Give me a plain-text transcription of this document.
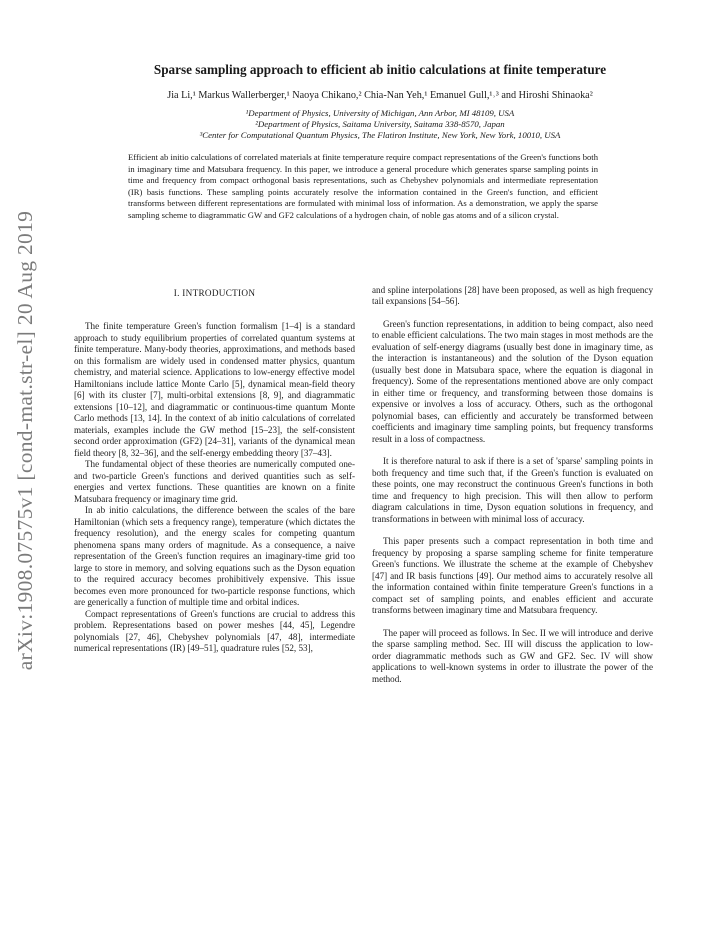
arXiv:1908.07575v1 [cond-mat.str-el] 20 Aug 2019
Sparse sampling approach to efficient ab initio calculations at finite temperature
Jia Li,¹ Markus Wallerberger,¹ Naoya Chikano,² Chia-Nan Yeh,¹ Emanuel Gull,¹˒³ and Hiroshi Shinaoka²
¹Department of Physics, University of Michigan, Ann Arbor, MI 48109, USA
²Department of Physics, Saitama University, Saitama 338-8570, Japan
³Center for Computational Quantum Physics, The Flatiron Institute, New York, New York, 10010, USA
Efficient ab initio calculations of correlated materials at finite temperature require compact representations of the Green's functions both in imaginary time and Matsubara frequency. In this paper, we introduce a general procedure which generates sparse sampling points in time and frequency from compact orthogonal basis representations, such as Chebyshev polynomials and intermediate representation (IR) basis functions. These sampling points accurately resolve the information contained in the Green's function, and efficient transforms between different representations are formulated with minimal loss of information. As a demonstration, we apply the sparse sampling scheme to diagrammatic GW and GF2 calculations of a hydrogen chain, of noble gas atoms and of a silicon crystal.
I. INTRODUCTION

The finite temperature Green's function formalism [1–4] is a standard approach to study equilibrium properties of correlated quantum systems at finite temperature. Many-body theories, approximations, and methods based on this formalism are widely used in condensed matter physics, quantum chemistry, and material science. Applications to low-energy effective model Hamiltonians include lattice Monte Carlo [5], dynamical mean-field theory [6] with its cluster [7], multi-orbital extensions [8, 9], and diagrammatic extensions [10–12], and diagrammatic or continuous-time quantum Monte Carlo methods [13, 14]. In the context of ab initio calculations of correlated materials, examples include the GW method [15–23], the self-consistent second order approximation (GF2) [24–31], variants of the dynamical mean field theory [8, 32–36], and the self-energy embedding theory [37–43].

The fundamental object of these theories are numerically computed one- and two-particle Green's functions and derived quantities such as self-energies and vertex functions. These quantities are known on a finite Matsubara frequency or imaginary time grid.

In ab initio calculations, the difference between the scales of the bare Hamiltonian (which sets a frequency range), temperature (which dictates the frequency resolution), and the energy scales for competing quantum phenomena spans many orders of magnitude. As a consequence, a naive representation of the Green's function requires an imaginary-time grid too large to store in memory, and solving equations such as the Dyson equation to the required accuracy becomes prohibitively expensive. This issue becomes even more pronounced for two-particle response functions, which are generically a function of multiple time and orbital indices.

Compact representations of Green's functions are crucial to address this problem. Representations based on power meshes [44, 45], Legendre polynomials [27, 46], Chebyshev polynomials [47, 48], intermediate numerical representations (IR) [49–51], quadrature rules [52, 53],

and spline interpolations [28] have been proposed, as well as high frequency tail expansions [54–56].

Green's function representations, in addition to being compact, also need to enable efficient calculations. The two main stages in most methods are the evaluation of self-energy diagrams (usually best done in imaginary time, as the interaction is instantaneous) and the solution of the Dyson equation (usually best done in Matsubara space, where the equation is diagonal in frequency). Some of the representations mentioned above are only compact in either time or frequency, and transforming between those domains is expensive or involves a loss of accuracy. Others, such as the orthogonal polynomial bases, can efficiently and accurately be transformed between coefficients and imaginary time sampling points, but frequency transforms result in a loss of compactness.

It is therefore natural to ask if there is a set of 'sparse' sampling points in both frequency and time such that, if the Green's function is evaluated on these points, one may reconstruct the continuous Green's functions in both time and frequency to high precision. This will then allow to perform diagram calculations in time, Dyson equation solutions in frequency, and transformations in between with minimal loss of accuracy.

This paper presents such a compact representation in both time and frequency by proposing a sparse sampling scheme for finite temperature Green's functions. We illustrate the scheme at the example of Chebyshev [47] and IR basis functions [49]. Our method aims to accurately resolve all the information contained within finite temperature Green's functions in a compact set of sampling points, and enables efficient and accurate transforms between imaginary time and Matsubara frequency.

The paper will proceed as follows. In Sec. II we will introduce and derive the sparse sampling method. Sec. III will discuss the application to low-order diagrammatic methods such as GW and GF2. Sec. IV will show applications to well-known systems in order to illustrate the power of the method.
